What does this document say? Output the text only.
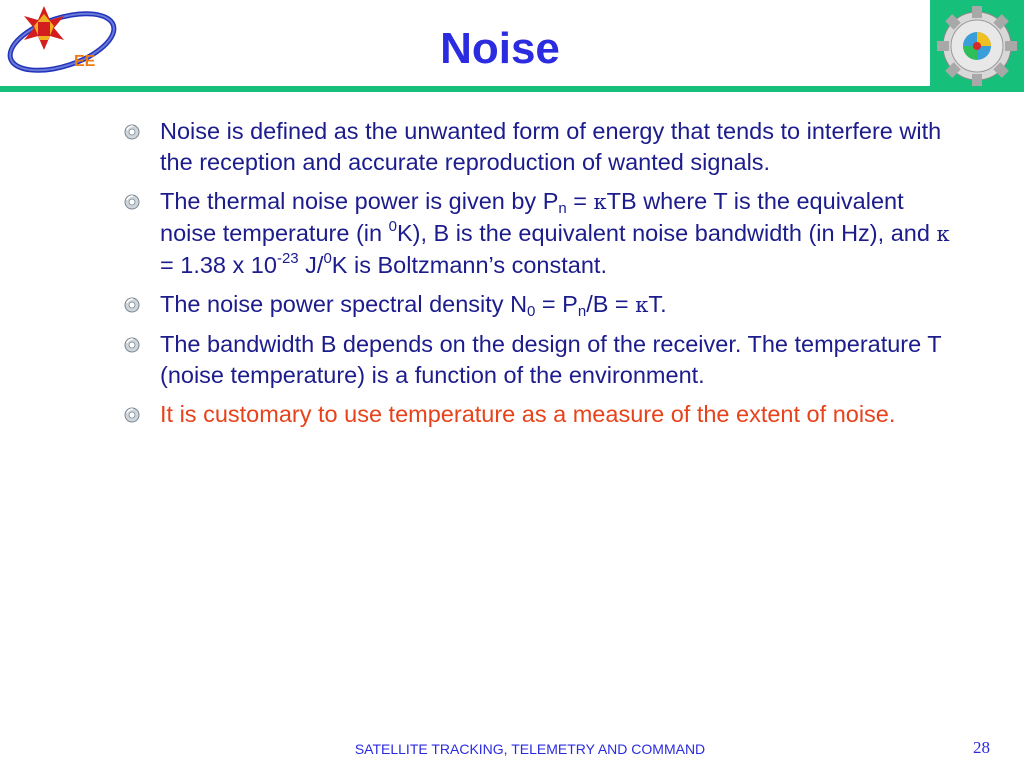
EE	Noise
Noise is defined as the unwanted form of energy that tends to interfere with the reception and accurate reproduction of wanted signals.
The thermal noise power is given by $P_n = \kappa TB$ where T is the equivalent noise temperature (in $^0$K), B is the equivalent noise bandwidth (in Hz), and κ = 1.38 x $10^{-23}$ J/$^0$K is Boltzmann’s constant.
The noise power spectral density $N_0 = P_n/B = \kappa T$.
The bandwidth B depends on the design of the receiver. The temperature T (noise temperature) is a function of the environment.
It is customary to use temperature as a measure of the extent of noise.
SATELLITE TRACKING, TELEMETRY AND COMMAND	28
